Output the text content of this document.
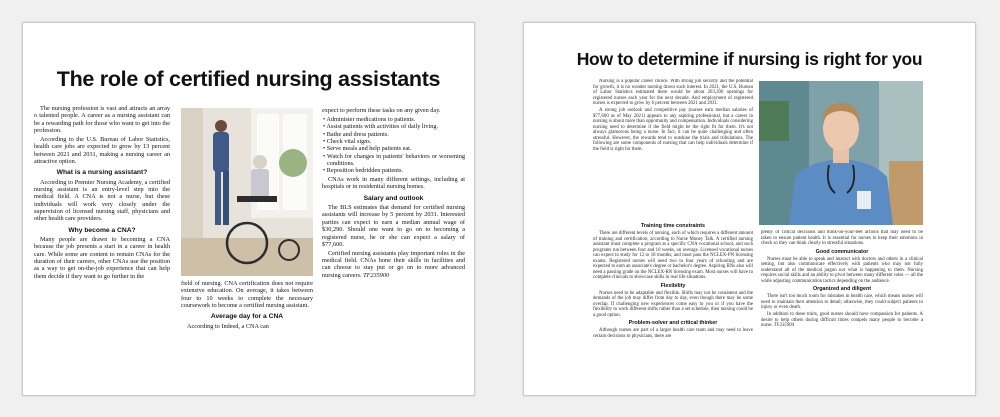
The role of certified nursing assistants

The nursing profession is vast and attracts an array o talented people. A career as a nursing assistant can be a rewarding path for those who want to get into the profession.

According to the U.S. Bureau of Labor Statistics, health care jobs are expected to grow by 13 percent between 2021 and 2031, making a nursing career an attractive option.

What is a nursing assistant?

According to Premier Nursing Academy, a certified nursing assistant is an entry-level step into the medical field. A CNA is not a nurse, but these individuals will work very closely under the supervision of licensed nursing staff, physicians and other health care providers.

Why become a CNA?

Many people are drawn to becoming a CNA because the job presents a start in a career in health care. While some are content to remain CNAs for the duration of their careers, other CNAs use the position as a way to get on-the-job experience that can help them decide if they want to go further in the

field of nursing. CNA certification does not require extensive education. On average, it takes between four to 10 weeks to complete the necessary coursework to become a certified nursing assistant.

Average day for a CNA

According to Indeed, a CNA can

expect to perform these tasks on any given day.

• Administer medications to patients.
• Assist patients with activities of daily living.
• Bathe and dress patients.
• Check vital signs.
• Serve meals and help patients eat.
• Watch for changes in patients' behaviors or worsening conditions.
• Reposition bedridden patients.

CNAs work in many different settings, including at hospitals or in residential nursing homes.

Salary and outlook

The BLS estimates that demand for certified nursing assistants will increase by 5 percent by 2031. Interested parties can expect to earn a median annual wage of $30,290. Should one want to go on to becoming a registered nurse, he or she can expect a salary of $77,600.

Certified nursing assistants play important roles in the medical field. CNAs hone their skills in facilities and can choose to stay put or go on to more advanced nursing careers. TF235900

How to determine if nursing is right for you

Nursing is a popular career choice. With strong job security and the potential for growth, it is no wonder nursing draws such interest. In 2021, the U.S. Bureau of Labor Statistics estimated there would be about 203,200 openings for registered nurses each year for the next decade. And employment of registered nurses is expected to grow by 6 percent between 2021 and 2031.

A strong job outlook and competitive pay (nurses earn median salaries of $77,600 as of May 2021) appears to any aspiring professional, but a career in nursing is about more than opportunity and compensation. Individuals considering nursing need to determine if the field might be the right fit for them. It's not always glamorous being a nurse. In fact, it can be quite challenging and often stressful. However, the rewards tend to outshine the trials and tribulations. The following are some components of nursing that can help individuals determine if the field is right for them.

Training time constraints

There are different levels of nursing, each of which requires a different amount of training and certification, according to Nurse Money Talk. A certified nursing assistant must complete a program at a specific CNA vocational school, and such programs run between four and 10 weeks, on average. Licensed vocational nurses can expect to study for 12 to 18 months, and must pass the NCLEX-PN licensing exams. Registered nurses will need two to four years of schooling and are expected to earn an associate's degree or bachelor's degree. Aspiring RNs also will need a passing grade on the NCLEX-RN licensing exam. Most nurses will have to complete clinicals to showcase skills in real life situations.

Flexibility

Nurses need to be adaptable and flexible. Shifts may not be consistent and the demands of the job may differ from day to day, even though there may be some overlap. If challenging new experiences come easy to you or if you have the flexibility to work different shifts rather than a set schedule, then nursing could be a good option.

Problem-solver and critical thinker

Although nurses are part of a larger health care team and may need to leave certain decisions to physicians, there are

plenty of critical decisions and think-on-your-feet actions that may need to be taken to ensure patient health. It is essential for nurses to keep their emotions in check so they can think clearly in stressful situations.

Good communicator

Nurses must be able to speak and interact with doctors and others in a clinical setting, but also communicate effectively with patients who may not fully understand all of the medical jargon nor what is happening to them. Nursing requires social skills and an ability to pivot between many different roles — all the while adjusting communication tactics depending on the audience.

Organized and diligent

There isn't too much room for mistakes in health care, which means nurses will need to maintain their attention to detail; otherwise, they could subject patients to injury or even death.

In addition to these traits, good nurses should have compassion for patients. A desire to help others during difficult times compels many people to become a nurse. TF235904
